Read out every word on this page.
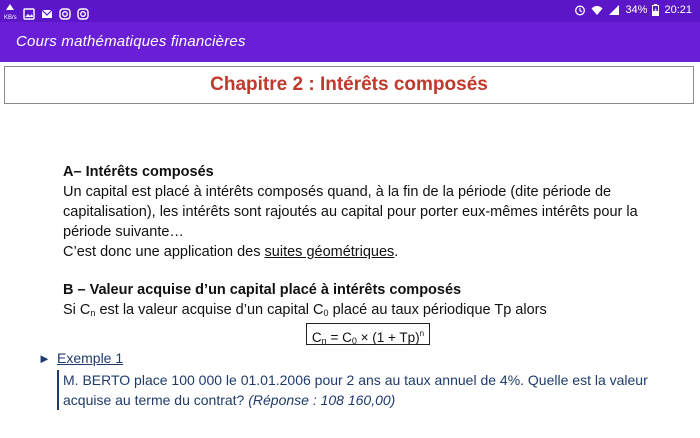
KB/s
34% 20:21
Cours mathématiques financières
Chapitre 2 : Intérêts composés
A– Intérêts composés
Un capital est placé à intérêts composés quand, à la fin de la période (dite période de
capitalisation), les intérêts sont rajoutés au capital pour porter eux-mêmes intérêts pour la
période suivante…
C’est donc une application des suites géométriques.
B – Valeur acquise d’un capital placé à intérêts composés
Si $C_n$ est la valeur acquise d’un capital $C_0$ placé au taux périodique Tp alors
$C_n = C_0 \times (1 + Tp)^n$
► Exemple 1
M. BERTO place 100 000 le 01.01.2006 pour 2 ans au taux annuel de 4%. Quelle est la valeur
acquise au terme du contrat? (Réponse : 108 160,00)
